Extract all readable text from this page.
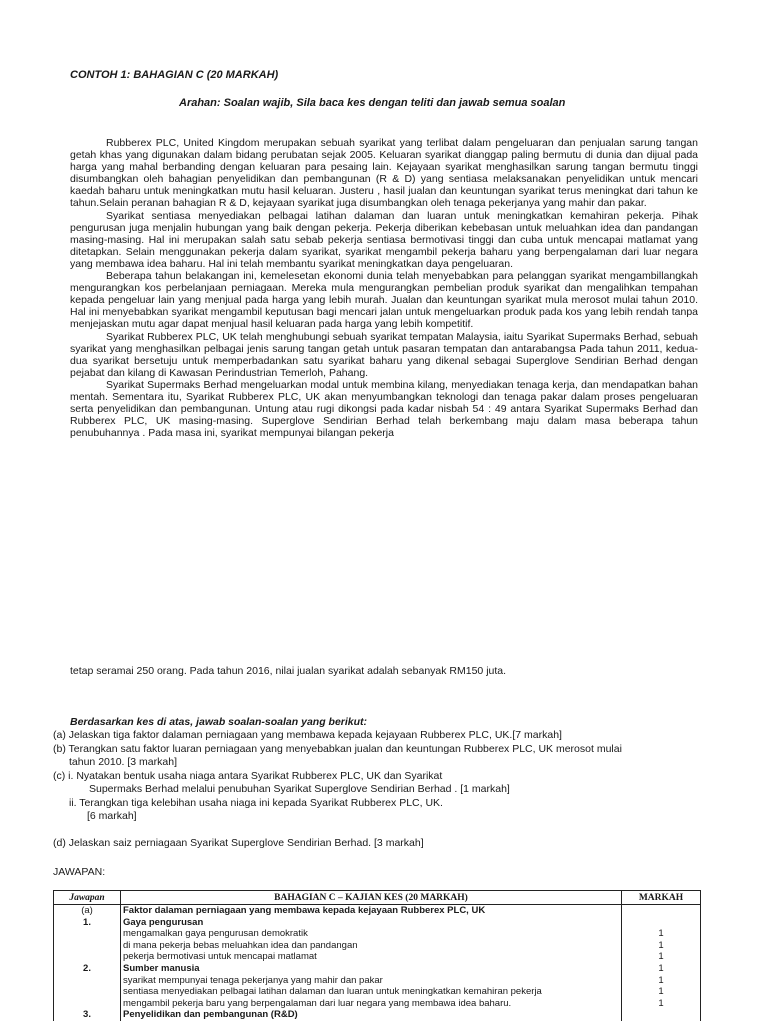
CONTOH 1: BAHAGIAN C (20 MARKAH)
Arahan: Soalan wajib, Sila baca kes dengan teliti dan jawab semua soalan
Rubberex PLC, United Kingdom merupakan sebuah syarikat yang terlibat dalam pengeluaran dan penjualan sarung tangan getah khas yang digunakan dalam bidang perubatan sejak 2005. Keluaran syarikat dianggap paling bermutu di dunia dan dijual pada harga yang mahal berbanding dengan keluaran para pesaing lain. Kejayaan syarikat menghasilkan sarung tangan bermutu tinggi disumbangkan oleh bahagian penyelidikan dan pembangunan (R & D) yang sentiasa melaksanakan penyelidikan untuk mencari kaedah baharu untuk meningkatkan mutu hasil keluaran. Justeru , hasil jualan dan keuntungan syarikat terus meningkat dari tahun ke tahun.Selain peranan bahagian R & D, kejayaan syarikat juga disumbangkan oleh tenaga pekerjanya yang mahir dan pakar.
Syarikat sentiasa menyediakan pelbagai latihan dalaman dan luaran untuk meningkatkan kemahiran pekerja. Pihak pengurusan juga menjalin hubungan yang baik dengan pekerja. Pekerja diberikan kebebasan untuk meluahkan idea dan pandangan masing-masing. Hal ini merupakan salah satu sebab pekerja sentiasa bermotivasi tinggi dan cuba untuk mencapai matlamat yang ditetapkan. Selain menggunakan pekerja dalam syarikat, syarikat mengambil pekerja baharu yang berpengalaman dari luar negara yang membawa idea baharu. Hal ini telah membantu syarikat meningkatkan daya pengeluaran.
Beberapa tahun belakangan ini, kemelesetan ekonomi dunia telah menyebabkan para pelanggan syarikat mengambillangkah mengurangkan kos perbelanjaan perniagaan. Mereka mula mengurangkan pembelian produk syarikat dan mengalihkan tempahan kepada pengeluar lain yang menjual pada harga yang lebih murah. Jualan dan keuntungan syarikat mula merosot mulai tahun 2010. Hal ini menyebabkan syarikat mengambil keputusan bagi mencari jalan untuk mengeluarkan produk pada kos yang lebih rendah tanpa menjejaskan mutu agar dapat menjual hasil keluaran pada harga yang lebih kompetitif.
Syarikat Rubberex PLC, UK telah menghubungi sebuah syarikat tempatan Malaysia, iaitu Syarikat Supermaks Berhad, sebuah syarikat yang menghasilkan pelbagai jenis sarung tangan getah untuk pasaran tempatan dan antarabangsa Pada tahun 2011, kedua-dua syarikat bersetuju untuk memperbadankan satu syarikat baharu yang dikenal sebagai Superglove Sendirian Berhad dengan pejabat dan kilang di Kawasan Perindustrian Temerloh, Pahang.
Syarikat Supermaks Berhad mengeluarkan modal untuk membina kilang, menyediakan tenaga kerja, dan mendapatkan bahan mentah. Sementara itu, Syarikat Rubberex PLC, UK akan menyumbangkan teknologi dan tenaga pakar dalam proses pengeluaran serta penyelidikan dan pembangunan. Untung atau rugi dikongsi pada kadar nisbah 54 : 49 antara Syarikat Supermaks Berhad dan Rubberex PLC, UK masing-masing. Superglove Sendirian Berhad telah berkembang maju dalam masa beberapa tahun penubuhannya . Pada masa ini, syarikat mempunyai bilangan pekerja
tetap seramai 250 orang. Pada tahun 2016, nilai jualan syarikat adalah sebanyak RM150 juta.
Berdasarkan kes di atas, jawab soalan-soalan yang berikut:
(a) Jelaskan tiga faktor dalaman perniagaan yang membawa kepada kejayaan Rubberex PLC, UK.[7 markah]
(b) Terangkan satu faktor luaran perniagaan yang menyebabkan jualan dan keuntungan Rubberex PLC, UK merosot mulai
tahun 2010. [3 markah]
(c) i. Nyatakan bentuk usaha niaga antara Syarikat Rubberex PLC, UK dan Syarikat
Supermaks Berhad melalui penubuhan Syarikat Superglove Sendirian Berhad . [1 markah]
ii. Terangkan tiga kelebihan usaha niaga ini kepada Syarikat Rubberex PLC, UK.
[6 markah]
(d) Jelaskan saiz perniagaan Syarikat Superglove Sendirian Berhad. [3 markah]
JAWAPAN:
Jawapan	BAHAGIAN C – KAJIAN KES (20 MARKAH)	MARKAH
(a)	Faktor dalaman perniagaan yang membawa kepada kejayaan Rubberex PLC, UK	
1.	Gaya pengurusan	
	mengamalkan gaya pengurusan demokratik	1
	di mana pekerja bebas meluahkan idea dan pandangan	1
	pekerja bermotivasi untuk mencapai matlamat	1
2.	Sumber manusia	1
	syarikat mempunyai tenaga pekerjanya yang mahir dan pakar	1
	sentiasa menyediakan pelbagai latihan dalaman dan luaran untuk meningkatkan kemahiran pekerja	1
	mengambil pekerja baru yang berpengalaman dari luar negara yang membawa idea baharu.	1
3.	Penyelidikan dan pembangunan (R&D)	
